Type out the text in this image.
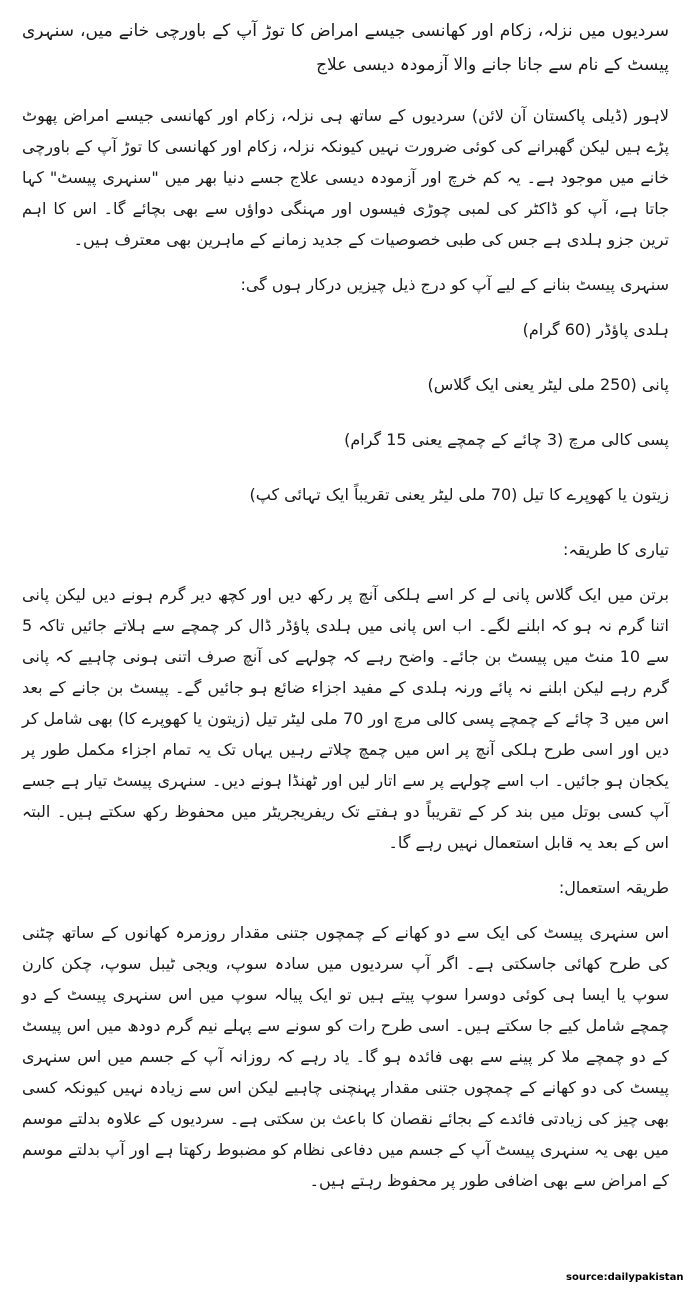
سردیوں میں نزلہ، زکام اور کھانسی جیسے امراض کا توڑ آپ کے باورچی خانے میں، سنہری پیسٹ کے نام سے جانا جانے والا آزمودہ دیسی علاج

لاہور (ڈیلی پاکستان آن لائن) سردیوں کے ساتھ ہی نزلہ، زکام اور کھانسی جیسے امراض پھوٹ پڑے ہیں لیکن گھبرانے کی کوئی ضرورت نہیں کیونکہ نزلہ، زکام اور کھانسی کا توڑ آپ کے باورچی خانے میں موجود ہے۔ یہ کم خرچ اور آزمودہ دیسی علاج جسے دنیا بھر میں "سنہری پیسٹ" کہا جاتا ہے، آپ کو ڈاکٹر کی لمبی چوڑی فیسوں اور مہنگی دواﺅں سے بھی بچائے گا۔ اس کا اہم ترین جزو ہلدی ہے جس کی طبی خصوصیات کے جدید زمانے کے ماہرین بھی معترف ہیں۔

سنہری پیسٹ بنانے کے لیے آپ کو درج ذیل چیزیں درکار ہوں گی:

ہلدی پاﺅڈر (60 گرام)

پانی (250 ملی لیٹر یعنی ایک گلاس)

پسی کالی مرچ (3 چائے کے چمچے یعنی 15 گرام)

زیتون یا کھوپرے کا تیل (70 ملی لیٹر یعنی تقریباً ایک تہائی کپ)

تیاری کا طریقہ:

برتن میں ایک گلاس پانی لے کر اسے ہلکی آنچ پر رکھ دیں اور کچھ دیر گرم ہونے دیں لیکن پانی اتنا گرم نہ ہو کہ ابلنے لگے۔ اب اس پانی میں ہلدی پاﺅڈر ڈال کر چمچے سے ہلاتے جائیں تاکہ 5 سے 10 منٹ میں پیسٹ بن جائے۔ واضح رہے کہ چولہے کی آنچ صرف اتنی ہونی چاہیے کہ پانی گرم رہے لیکن ابلنے نہ پائے ورنہ ہلدی کے مفید اجزاء ضائع ہو جائیں گے۔ پیسٹ بن جانے کے بعد اس میں 3 چائے کے چمچے پسی کالی مرچ اور 70 ملی لیٹر تیل (زیتون یا کھوپرے کا) بھی شامل کر دیں اور اسی طرح ہلکی آنچ پر اس میں چمچ چلاتے رہیں یہاں تک یہ تمام اجزاء مکمل طور پر یکجان ہو جائیں۔ اب اسے چولہے پر سے اتار لیں اور ٹھنڈا ہونے دیں۔ سنہری پیسٹ تیار ہے جسے آپ کسی بوتل میں بند کر کے تقریباً دو ہفتے تک ریفریجریٹر میں محفوظ رکھ سکتے ہیں۔ البتہ اس کے بعد یہ قابل استعمال نہیں رہے گا۔

طریقہ استعمال:

اس سنہری پیسٹ کی ایک سے دو کھانے کے چمچوں جتنی مقدار روزمرہ کھانوں کے ساتھ چٹنی کی طرح کھائی جاسکتی ہے۔ اگر آپ سردیوں میں سادہ سوپ، ویجی ٹیبل سوپ، چکن کارن سوپ یا ایسا ہی کوئی دوسرا سوپ پیتے ہیں تو ایک پیالہ سوپ میں اس سنہری پیسٹ کے دو چمچے شامل کیے جا سکتے ہیں۔ اسی طرح رات کو سونے سے پہلے نیم گرم دودھ میں اس پیسٹ کے دو چمچے ملا کر پینے سے بھی فائدہ ہو گا۔ یاد رہے کہ روزانہ آپ کے جسم میں اس سنہری پیسٹ کی دو کھانے کے چمچوں جتنی مقدار پہنچنی چاہیے لیکن اس سے زیادہ نہیں کیونکہ کسی بھی چیز کی زیادتی فائدے کے بجائے نقصان کا باعث بن سکتی ہے۔ سردیوں کے علاوہ بدلتے موسم میں بھی یہ سنہری پیسٹ آپ کے جسم میں دفاعی نظام کو مضبوط رکھتا ہے اور آپ بدلتے موسم کے امراض سے بھی اضافی طور پر محفوظ رہتے ہیں۔

source:dailypakistan
